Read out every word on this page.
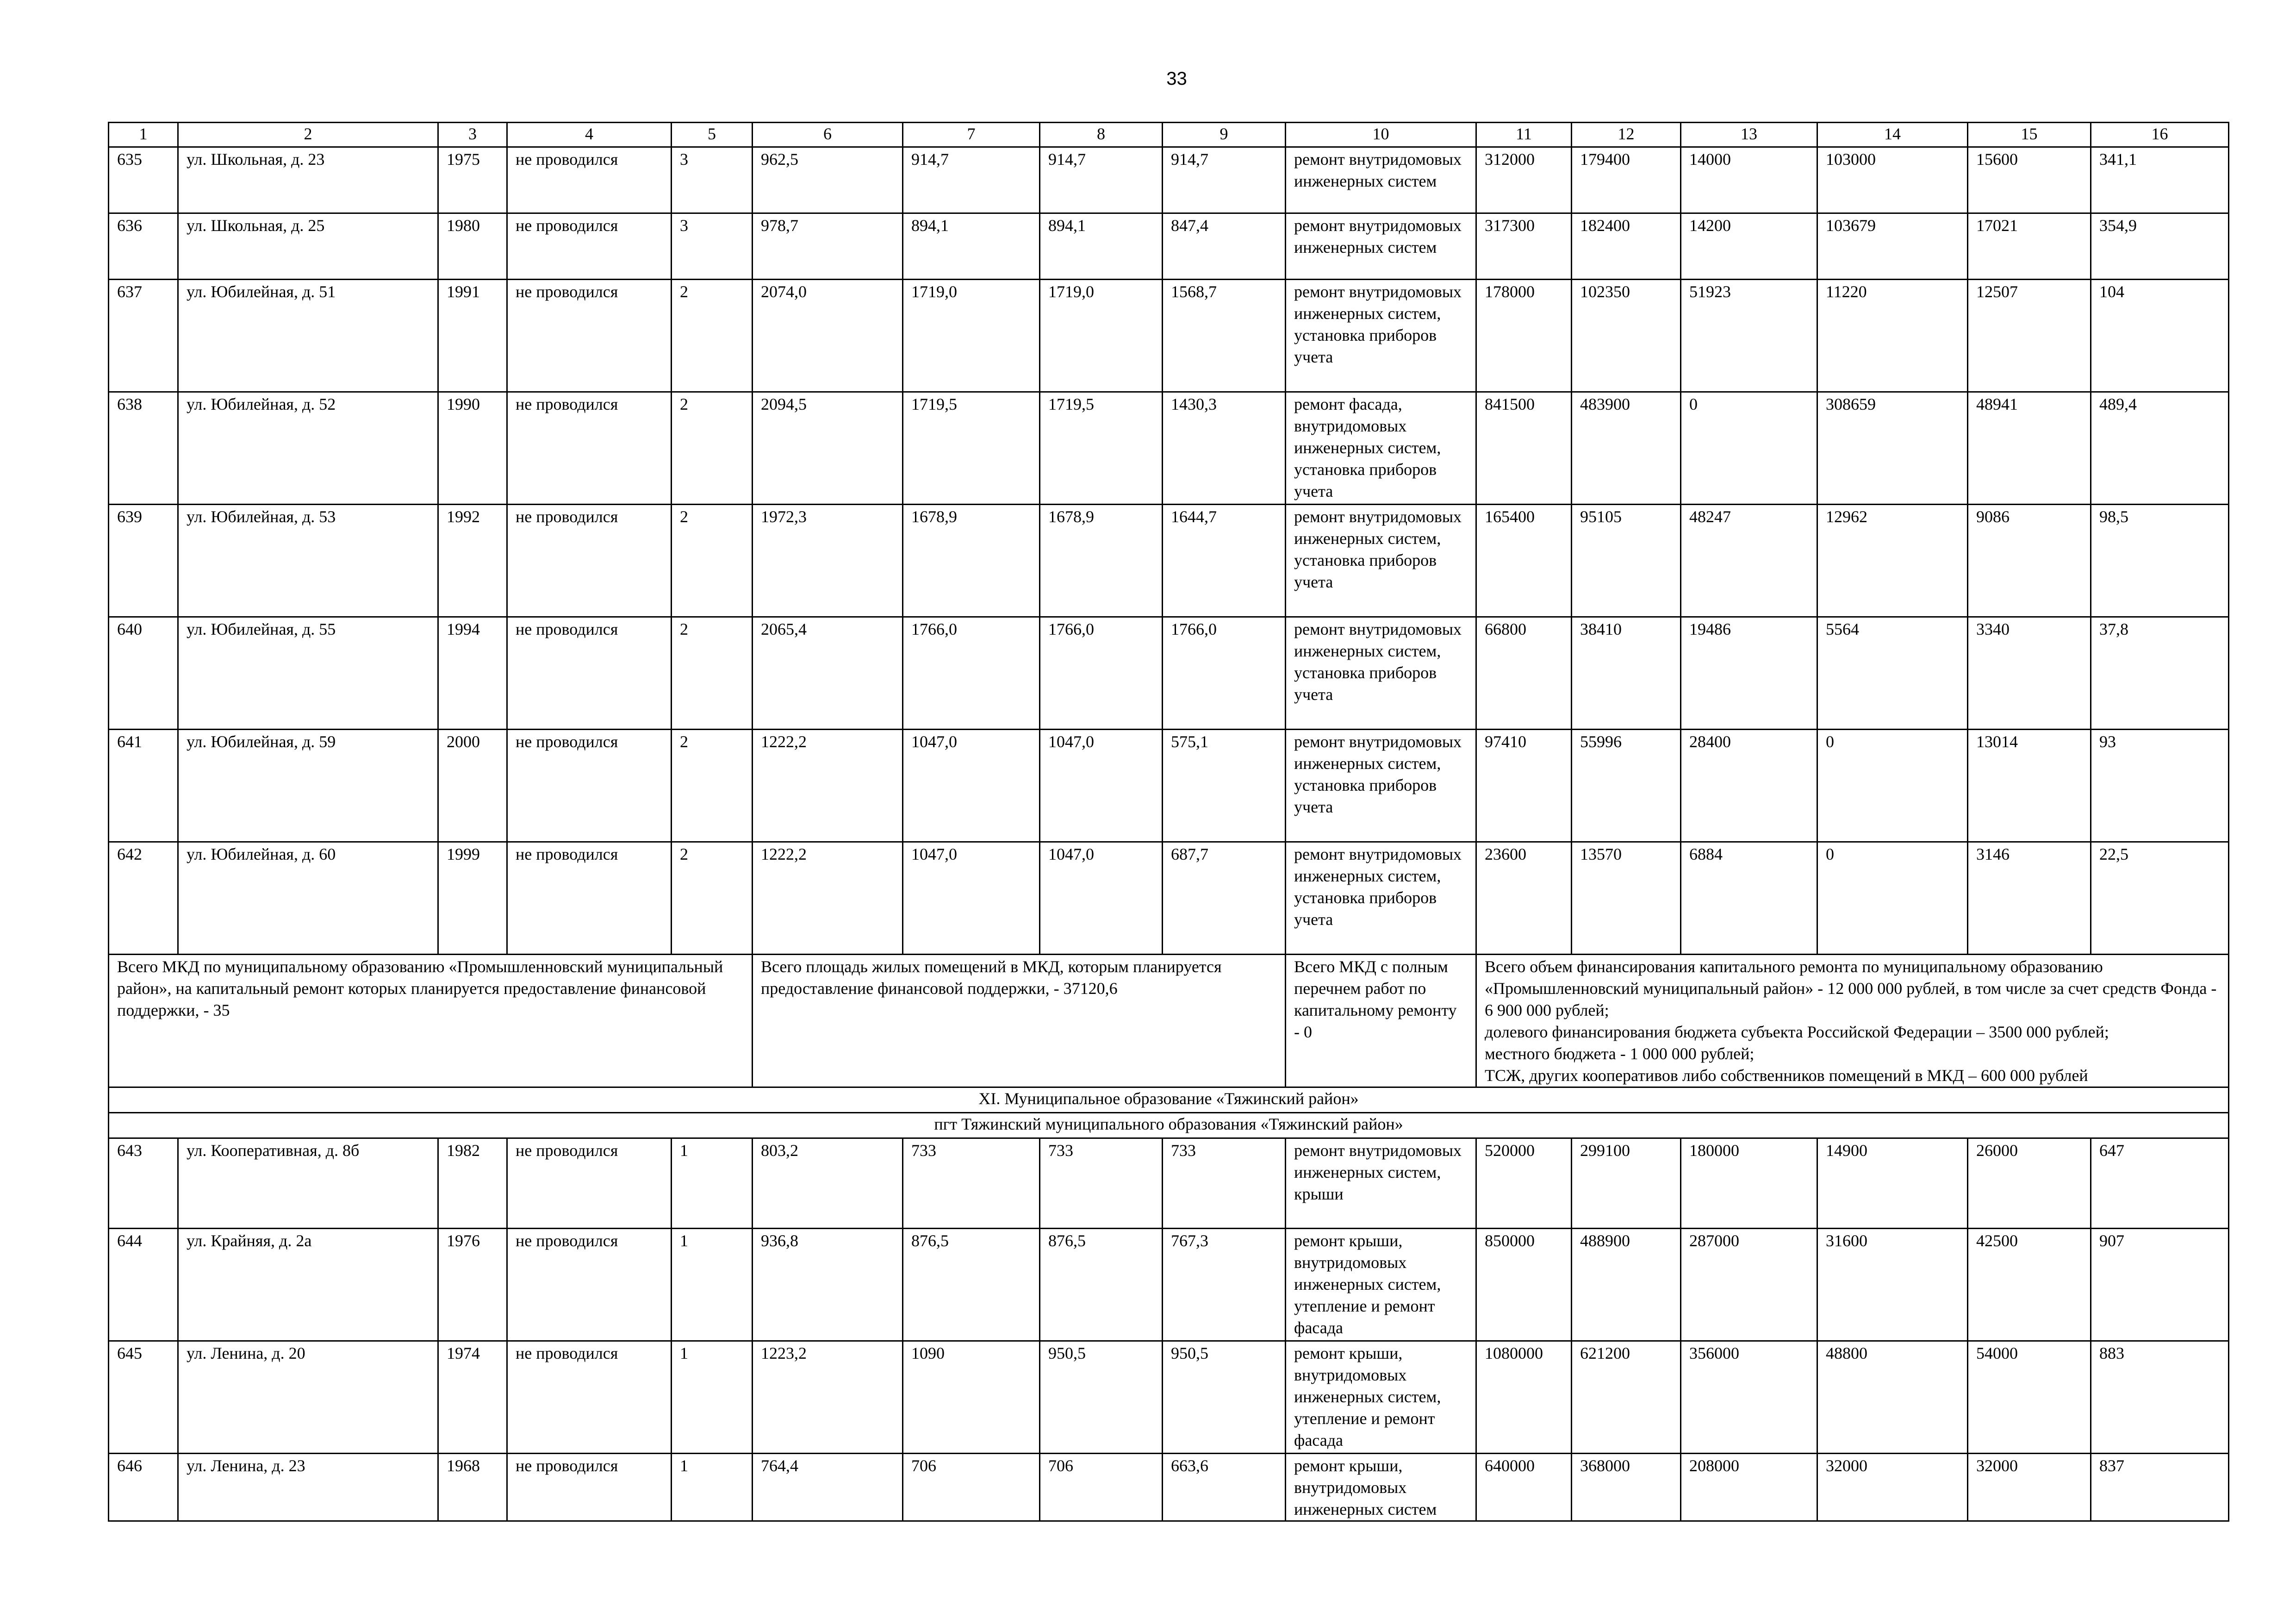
33
1	2	3	4	5	6	7	8	9	10	11	12	13	14	15	16
635	ул. Школьная, д. 23	1975	не проводился	3	962,5	914,7	914,7	914,7	ремонт внутридомовых инженерных систем	312000	179400	14000	103000	15600	341,1
636	ул. Школьная, д. 25	1980	не проводился	3	978,7	894,1	894,1	847,4	ремонт внутридомовых инженерных систем	317300	182400	14200	103679	17021	354,9
637	ул. Юбилейная, д. 51	1991	не проводился	2	2074,0	1719,0	1719,0	1568,7	ремонт внутридомовых инженерных систем, установка приборов учета	178000	102350	51923	11220	12507	104
638	ул. Юбилейная, д. 52	1990	не проводился	2	2094,5	1719,5	1719,5	1430,3	ремонт фасада, внутридомовых инженерных систем, установка приборов учета	841500	483900	0	308659	48941	489,4
639	ул. Юбилейная, д. 53	1992	не проводился	2	1972,3	1678,9	1678,9	1644,7	ремонт внутридомовых инженерных систем, установка приборов учета	165400	95105	48247	12962	9086	98,5
640	ул. Юбилейная, д. 55	1994	не проводился	2	2065,4	1766,0	1766,0	1766,0	ремонт внутридомовых инженерных систем, установка приборов учета	66800	38410	19486	5564	3340	37,8
641	ул. Юбилейная, д. 59	2000	не проводился	2	1222,2	1047,0	1047,0	575,1	ремонт внутридомовых инженерных систем, установка приборов учета	97410	55996	28400	0	13014	93
642	ул. Юбилейная, д. 60	1999	не проводился	2	1222,2	1047,0	1047,0	687,7	ремонт внутридомовых инженерных систем, установка приборов учета	23600	13570	6884	0	3146	22,5
Всего МКД по муниципальному образованию «Промышленновский муниципальный район», на капитальный ремонт которых планируется предоставление финансовой поддержки, - 35					Всего площадь жилых помещений в МКД, которым планируется предоставление финансовой поддержки, - 37120,6				Всего МКД с полным перечнем работ по капитальному ремонту - 0	Всего объем финансирования капитального ремонта по муниципальному образованию «Промышленновский муниципальный район» - 12 000 000 рублей, в том числе за счет средств Фонда - 6 900 000 рублей;
долевого финансирования бюджета субъекта Российской Федерации – 3500 000 рублей;
местного бюджета - 1 000 000 рублей;
ТСЖ, других кооперативов либо собственников помещений в МКД – 600 000 рублей					

XI. Муниципальное образование «Тяжинский район»															
пгт Тяжинский муниципального образования «Тяжинский район»															
643	ул. Кооперативная, д. 8б	1982	не проводился	1	803,2	733	733	733	ремонт внутридомовых инженерных систем, крыши	520000	299100	180000	14900	26000	647
644	ул. Крайняя, д. 2а	1976	не проводился	1	936,8	876,5	876,5	767,3	ремонт крыши, внутридомовых инженерных систем, утепление и ремонт фасада	850000	488900	287000	31600	42500	907
645	ул. Ленина, д. 20	1974	не проводился	1	1223,2	1090	950,5	950,5	ремонт крыши, внутридомовых инженерных систем, утепление и ремонт фасада	1080000	621200	356000	48800	54000	883
646	ул. Ленина, д. 23	1968	не проводился	1	764,4	706	706	663,6	ремонт крыши, внутридомовых инженерных систем	640000	368000	208000	32000	32000	837
